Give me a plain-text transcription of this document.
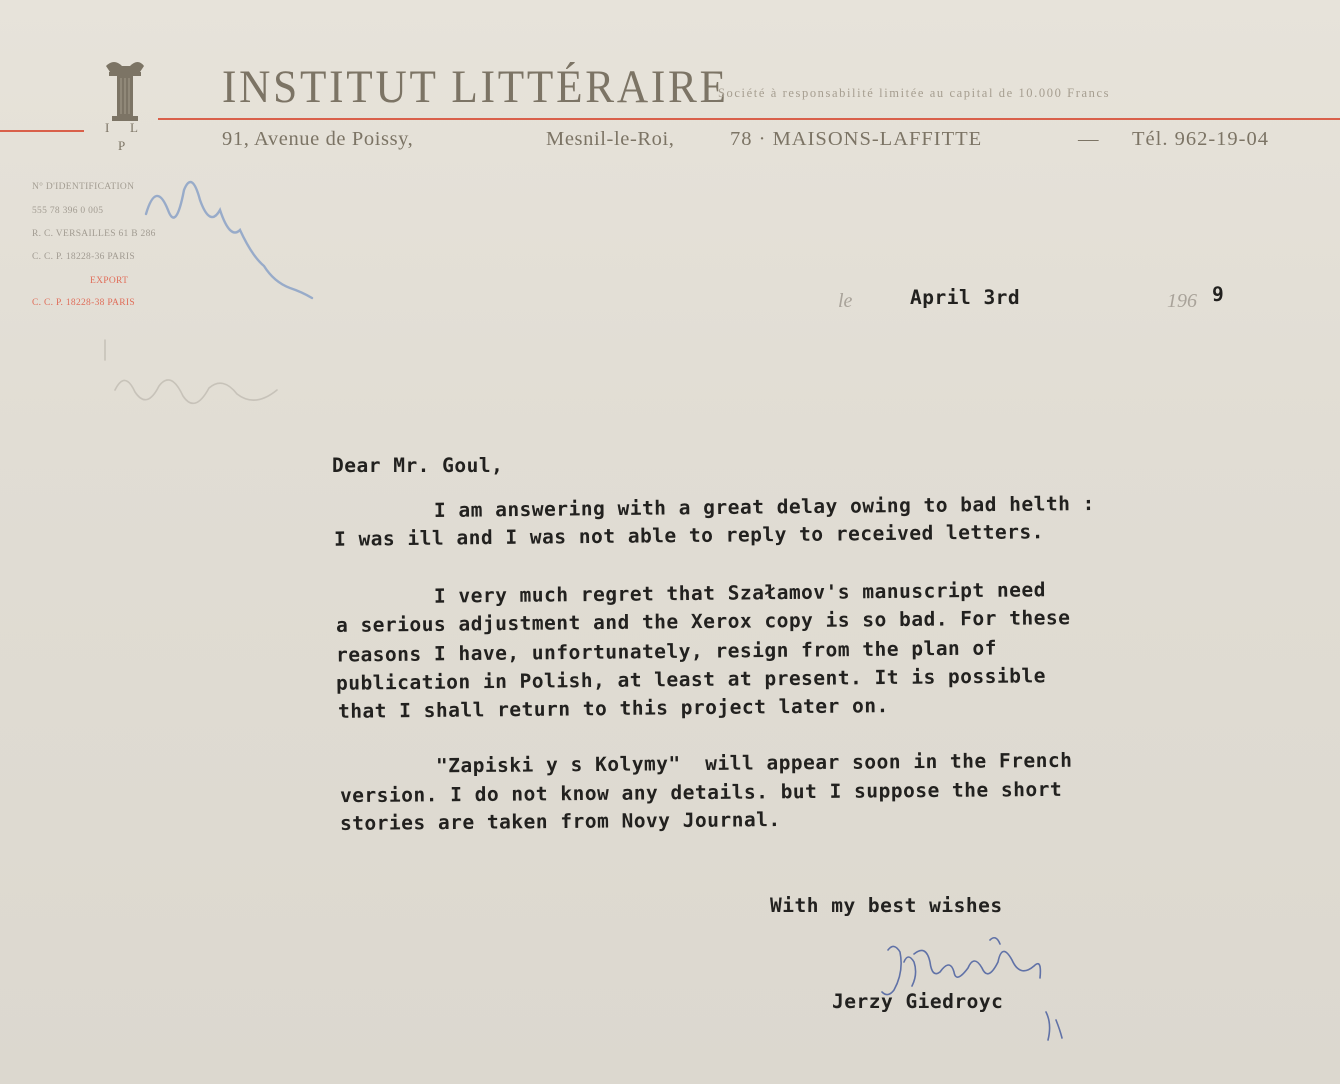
I L
P
INSTITUT LITTÉRAIRE
Société à responsabilité limitée au capital de 10.000 Francs
91, Avenue de Poissy,	Mesnil-le-Roi,	78 · MAISONS-LAFFITTE	— Tél. 962-19-04
N° D'IDENTIFICATION
555 78 396 0 005
R. C. VERSAILLES 61 B 286
C. C. P. 18228-36 PARIS
EXPORT
C. C. P. 18228-38 PARIS	le	April 3rd	196 9
Dear Mr. Goul,
I am answering with a great delay owing to bad helth :
I was ill and I was not able to reply to received letters.
I very much regret that Szałamov's manuscript need
a serious adjustment and the Xerox copy is so bad. For these
reasons I have, unfortunately, resign from the plan of
publication in Polish, at least at present. It is possible
that I shall return to this project later on.
"Zapiski y s Kolymy"  will appear soon in the French
version. I do not know any details. but I suppose the short
stories are taken from Novy Journal.
With my best wishes
Jerzy Giedroyc
